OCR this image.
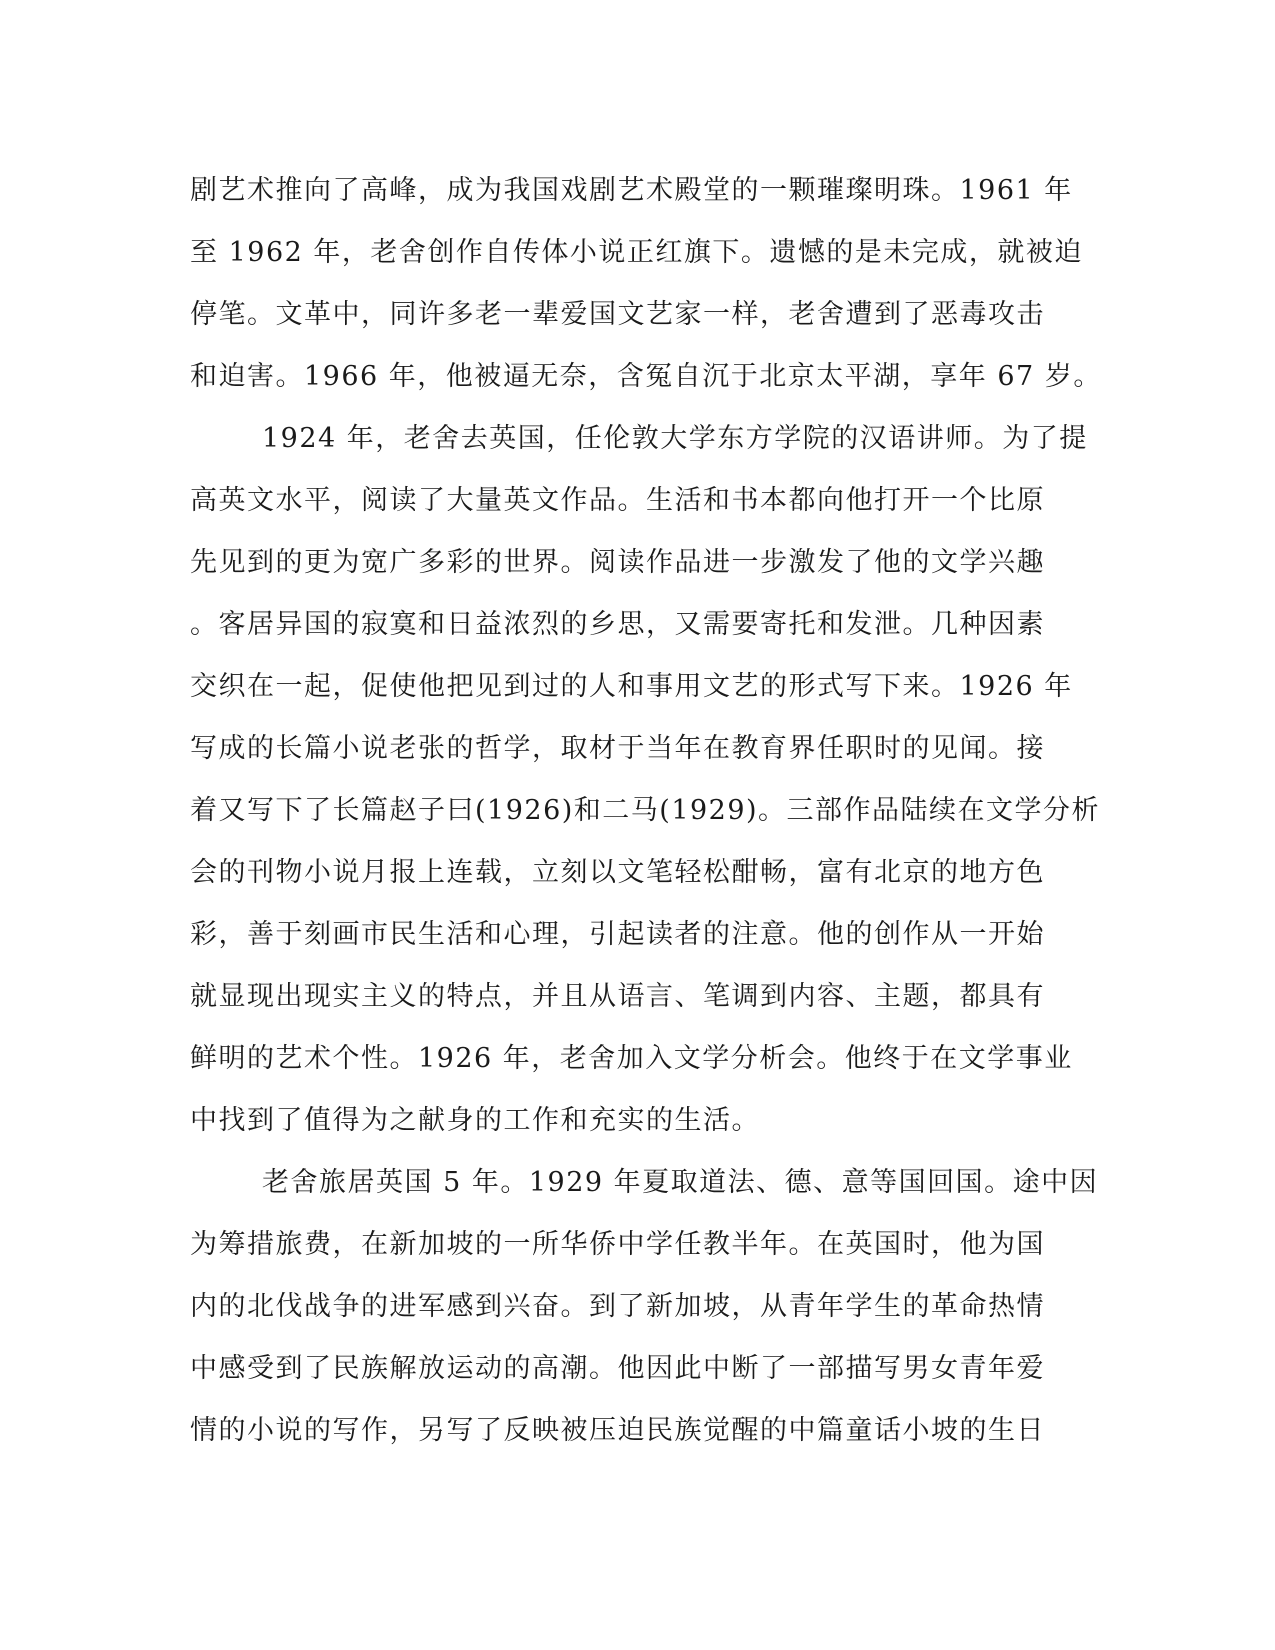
剧艺术推向了高峰，成为我国戏剧艺术殿堂的一颗璀璨明珠。1961 年
至 1962 年，老舍创作自传体小说正红旗下。遗憾的是未完成，就被迫
停笔。文革中，同许多老一辈爱国文艺家一样，老舍遭到了恶毒攻击
和迫害。1966 年，他被逼无奈，含冤自沉于北京太平湖，享年 67 岁。
1924 年，老舍去英国，任伦敦大学东方学院的汉语讲师。为了提
高英文水平，阅读了大量英文作品。生活和书本都向他打开一个比原
先见到的更为宽广多彩的世界。阅读作品进一步激发了他的文学兴趣
。客居异国的寂寞和日益浓烈的乡思，又需要寄托和发泄。几种因素
交织在一起，促使他把见到过的人和事用文艺的形式写下来。1926 年
写成的长篇小说老张的哲学，取材于当年在教育界任职时的见闻。接
着又写下了长篇赵子曰(1926)和二马(1929)。三部作品陆续在文学分析
会的刊物小说月报上连载，立刻以文笔轻松酣畅，富有北京的地方色
彩，善于刻画市民生活和心理，引起读者的注意。他的创作从一开始
就显现出现实主义的特点，并且从语言、笔调到内容、主题，都具有
鲜明的艺术个性。1926 年，老舍加入文学分析会。他终于在文学事业
中找到了值得为之献身的工作和充实的生活。
老舍旅居英国 5 年。1929 年夏取道法、德、意等国回国。途中因
为筹措旅费，在新加坡的一所华侨中学任教半年。在英国时，他为国
内的北伐战争的进军感到兴奋。到了新加坡，从青年学生的革命热情
中感受到了民族解放运动的高潮。他因此中断了一部描写男女青年爱
情的小说的写作，另写了反映被压迫民族觉醒的中篇童话小坡的生日
